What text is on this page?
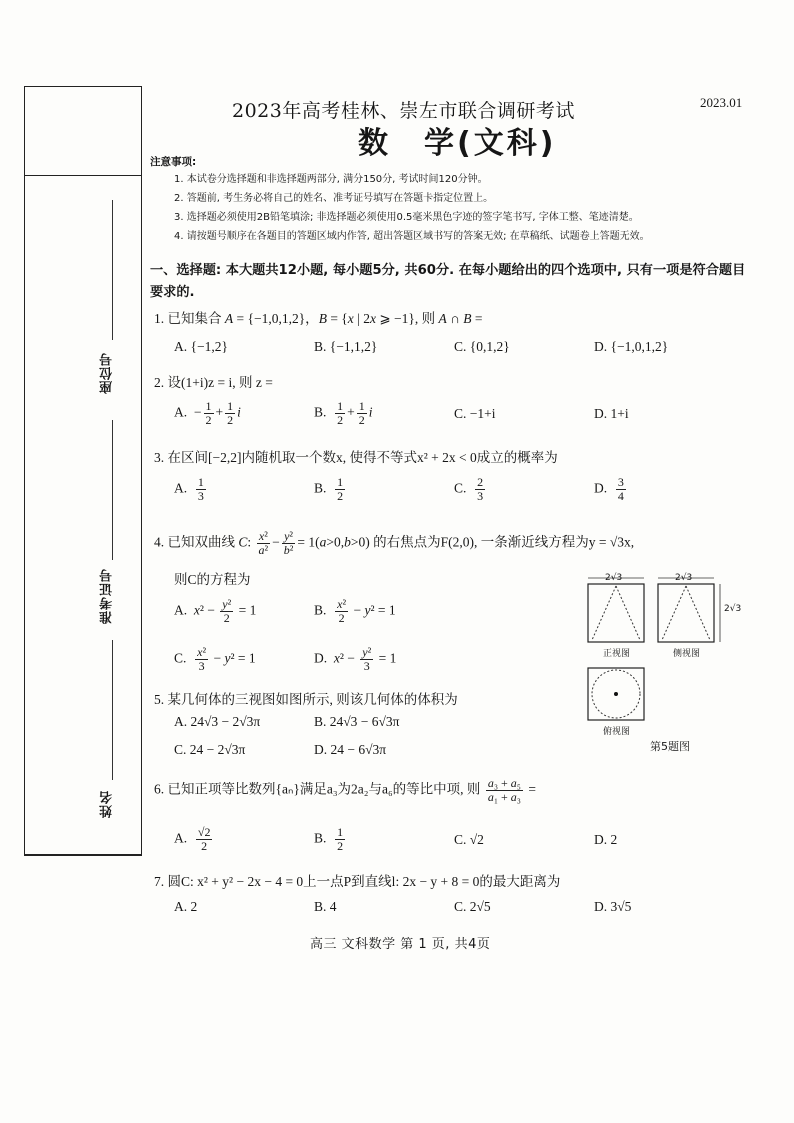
座位号
准考证号
姓名
2023年高考桂林、崇左市联合调研考试	2023.01
数　学(文科)
注意事项:
1. 本试卷分选择题和非选择题两部分, 满分150分, 考试时间120分钟。
2. 答题前, 考生务必将自己的姓名、准考证号填写在答题卡指定位置上。
3. 选择题必须使用2B铅笔填涂; 非选择题必须使用0.5毫米黑色字迹的签字笔书写, 字体工整、笔迹清楚。
4. 请按题号顺序在各题目的答题区域内作答, 超出答题区域书写的答案无效; 在草稿纸、试题卷上答题无效。
一、选择题: 本大题共12小题, 每小题5分, 共60分. 在每小题给出的四个选项中, 只有一项是符合题目要求的.
1. 已知集合 A = {−1,0,1,2}，B = {x | 2x ⩾ −1}, 则 A ∩ B =
A. {−1,2}	B. {−1,1,2}	C. {0,1,2}	D. {−1,0,1,2}
2. 设(1+i)z = i, 则 z =
A.  − $\frac{1}{2} + \frac{1}{2}$ i	B. $\frac{1}{2} + \frac{1}{2}$ i	C. −1+i	D. 1+i
3. 在区间[−2,2]内随机取一个数x, 使得不等式x² + 2x < 0成立的概率为
A. $\frac{1}{3}$	B. $\frac{1}{2}$	C. $\frac{2}{3}$	D. $\frac{3}{4}$
4. 已知双曲线 C: $\frac{\text{x²}}{\text{a²}} - \frac{\text{y²}}{\text{b²}} = 1(a>0,b>0)$ 的右焦点为F(2,0), 一条渐近线方程为y = √3x,
则C的方程为
A.  $x^2 - \frac{\text{y²}}{2} = 1$	B. $\frac{\text{x²}}{2} - y^2 = 1$
C. $\frac{\text{x²}}{3} - y^2 = 1$	D.  $x^2 - \frac{\text{y²}}{3} = 1$
2√3	2√3
2√3
正视图	侧视图
俯视图
第5题图
5. 某几何体的三视图如图所示, 则该几何体的体积为
A. 24√3 − 2√3π	B. 24√3 − 6√3π
C. 24 − 2√3π	D. 24 − 6√3π
6. 已知正项等比数列{aₙ}满足a₃为2a₂与a₆的等比中项, 则 $\frac{\text{a₃ + a₅}}{\text{a₁ + a₃}}$ =
A. $\frac{√2}{2}$	B. $\frac{1}{2}$	C. √2	D. 2
7. 圆C: x² + y² − 2x − 4 = 0上一点P到直线l: 2x − y + 8 = 0的最大距离为
A. 2	B. 4	C. 2√5	D. 3√5
高三 文科数学 第 1 页, 共4页
